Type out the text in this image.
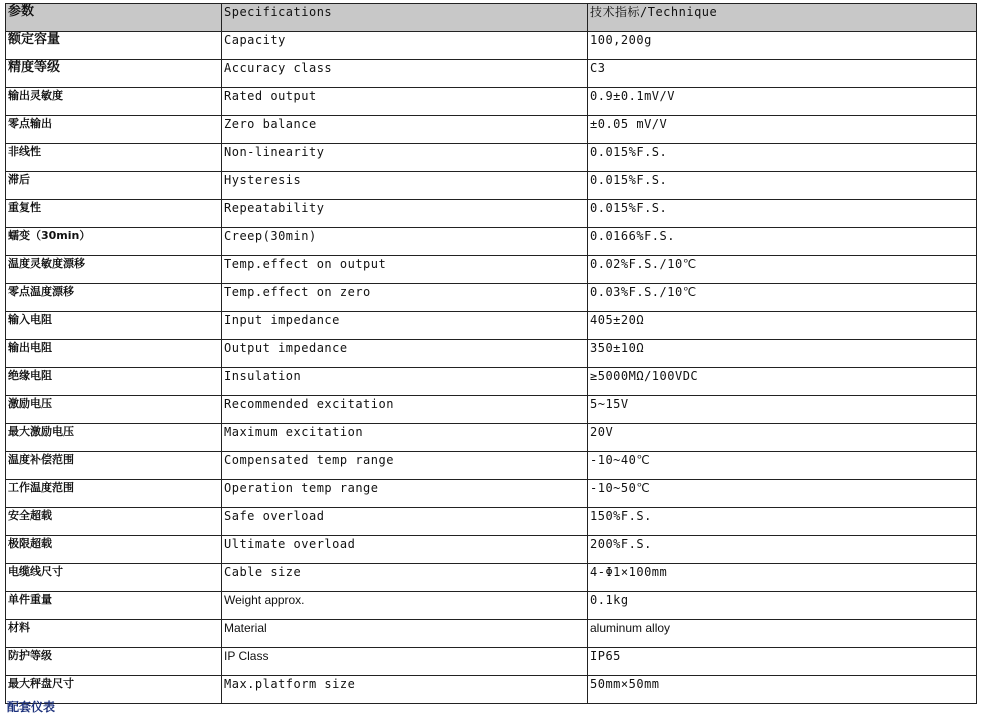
参数	Specifications	技术指标/Technique
额定容量	Capacity	100,200g
精度等级	Accuracy class	C3
输出灵敏度	Rated output	0.9±0.1mV/V
零点输出	Zero balance	±0.05 mV/V
非线性	Non-linearity	0.015%F.S.
滞后	Hysteresis	0.015%F.S.
重复性	Repeatability	0.015%F.S.
蠕变（30min）	Creep(30min)	0.0166%F.S.
温度灵敏度漂移	Temp.effect on output	0.02%F.S./10℃
零点温度漂移	Temp.effect on zero	0.03%F.S./10℃
输入电阻	Input impedance	405±20Ω
输出电阻	Output impedance	350±10Ω
绝缘电阻	Insulation	≥5000MΩ/100VDC
激励电压	Recommended excitation	5~15V
最大激励电压	Maximum excitation	20V
温度补偿范围	Compensated temp range	-10~40℃
工作温度范围	Operation temp range	-10~50℃
安全超载	Safe overload	150%F.S.
极限超载	Ultimate overload	200%F.S.
电缆线尺寸	Cable size	4-Φ1×100mm
单件重量	Weight approx.	0.1kg
材料	Material	aluminum alloy
防护等级	IP Class	IP65
最大秤盘尺寸	Max.platform size	50mm×50mm
配套仪表
